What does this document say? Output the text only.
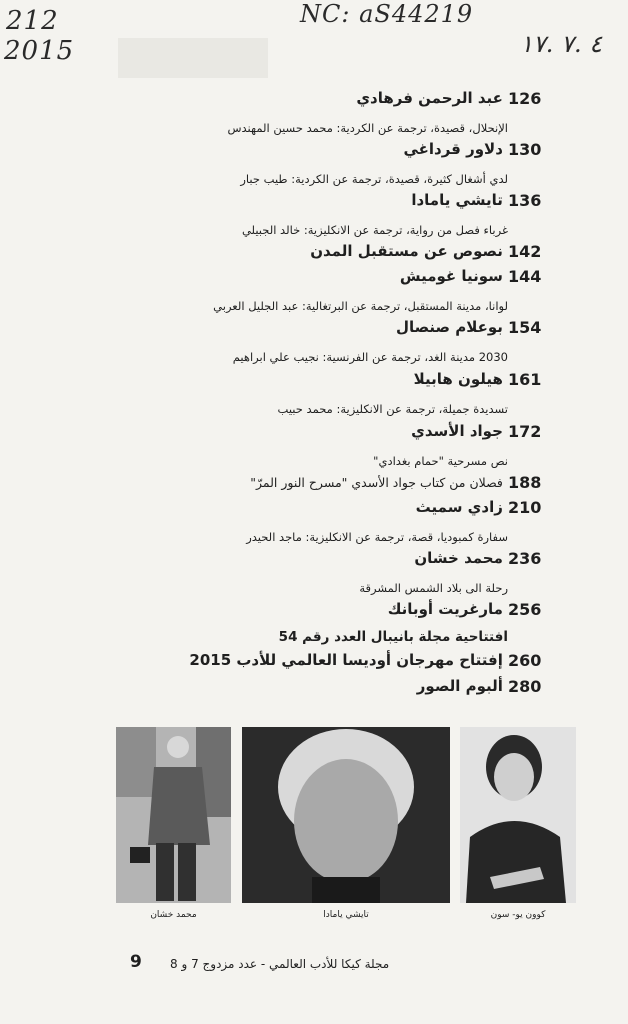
212
2015
NC: aS44219
٤ .٧ .١٧
126 عبد الرحمن فرهادي
الإنحلال، قصيدة، ترجمة عن الكردية: محمد حسين المهندس
130 دلاور قرداغي
لدي أشغال كثيرة، قصيدة، ترجمة عن الكردية: طيب جبار
136 تايشي يامادا
غرباء فصل من رواية، ترجمة عن الانكليزية: خالد الجبيلي
142 نصوص عن مستقبل المدن
144 سونيا غوميش
لوانا، مدينة المستقبل، ترجمة عن البرتغالية: عبد الجليل العربي
154 بوعلام صنصال
2030 مدينة الغد، ترجمة عن الفرنسية: نجيب علي ابراهيم
161 هيلون هابيلا
تسديدة جميلة، ترجمة عن الانكليزية: محمد حبيب
172 جواد الأسدي
نص مسرحية "حمام بغدادي"
188 فصلان من كتاب جواد الأسدي "مسرح النور المرّ"
210 زادي سميث
سفارة كمبوديا، قصة، ترجمة عن الانكليزية: ماجد الحيدر
236 محمد خشان
رحلة الى بلاد الشمس المشرقة
256 مارغريت أوبانك
افتتاحية مجلة بانيبال العدد رقم 54
260 إفتتاح مهرجان أوديسا العالمي للأدب 2015
280 ألبوم الصور
محمد خشان	تايشي يامادا	كوون يو- سون
9 مجلة كيكا للأدب العالمي - عدد مزدوج 7 و 8
